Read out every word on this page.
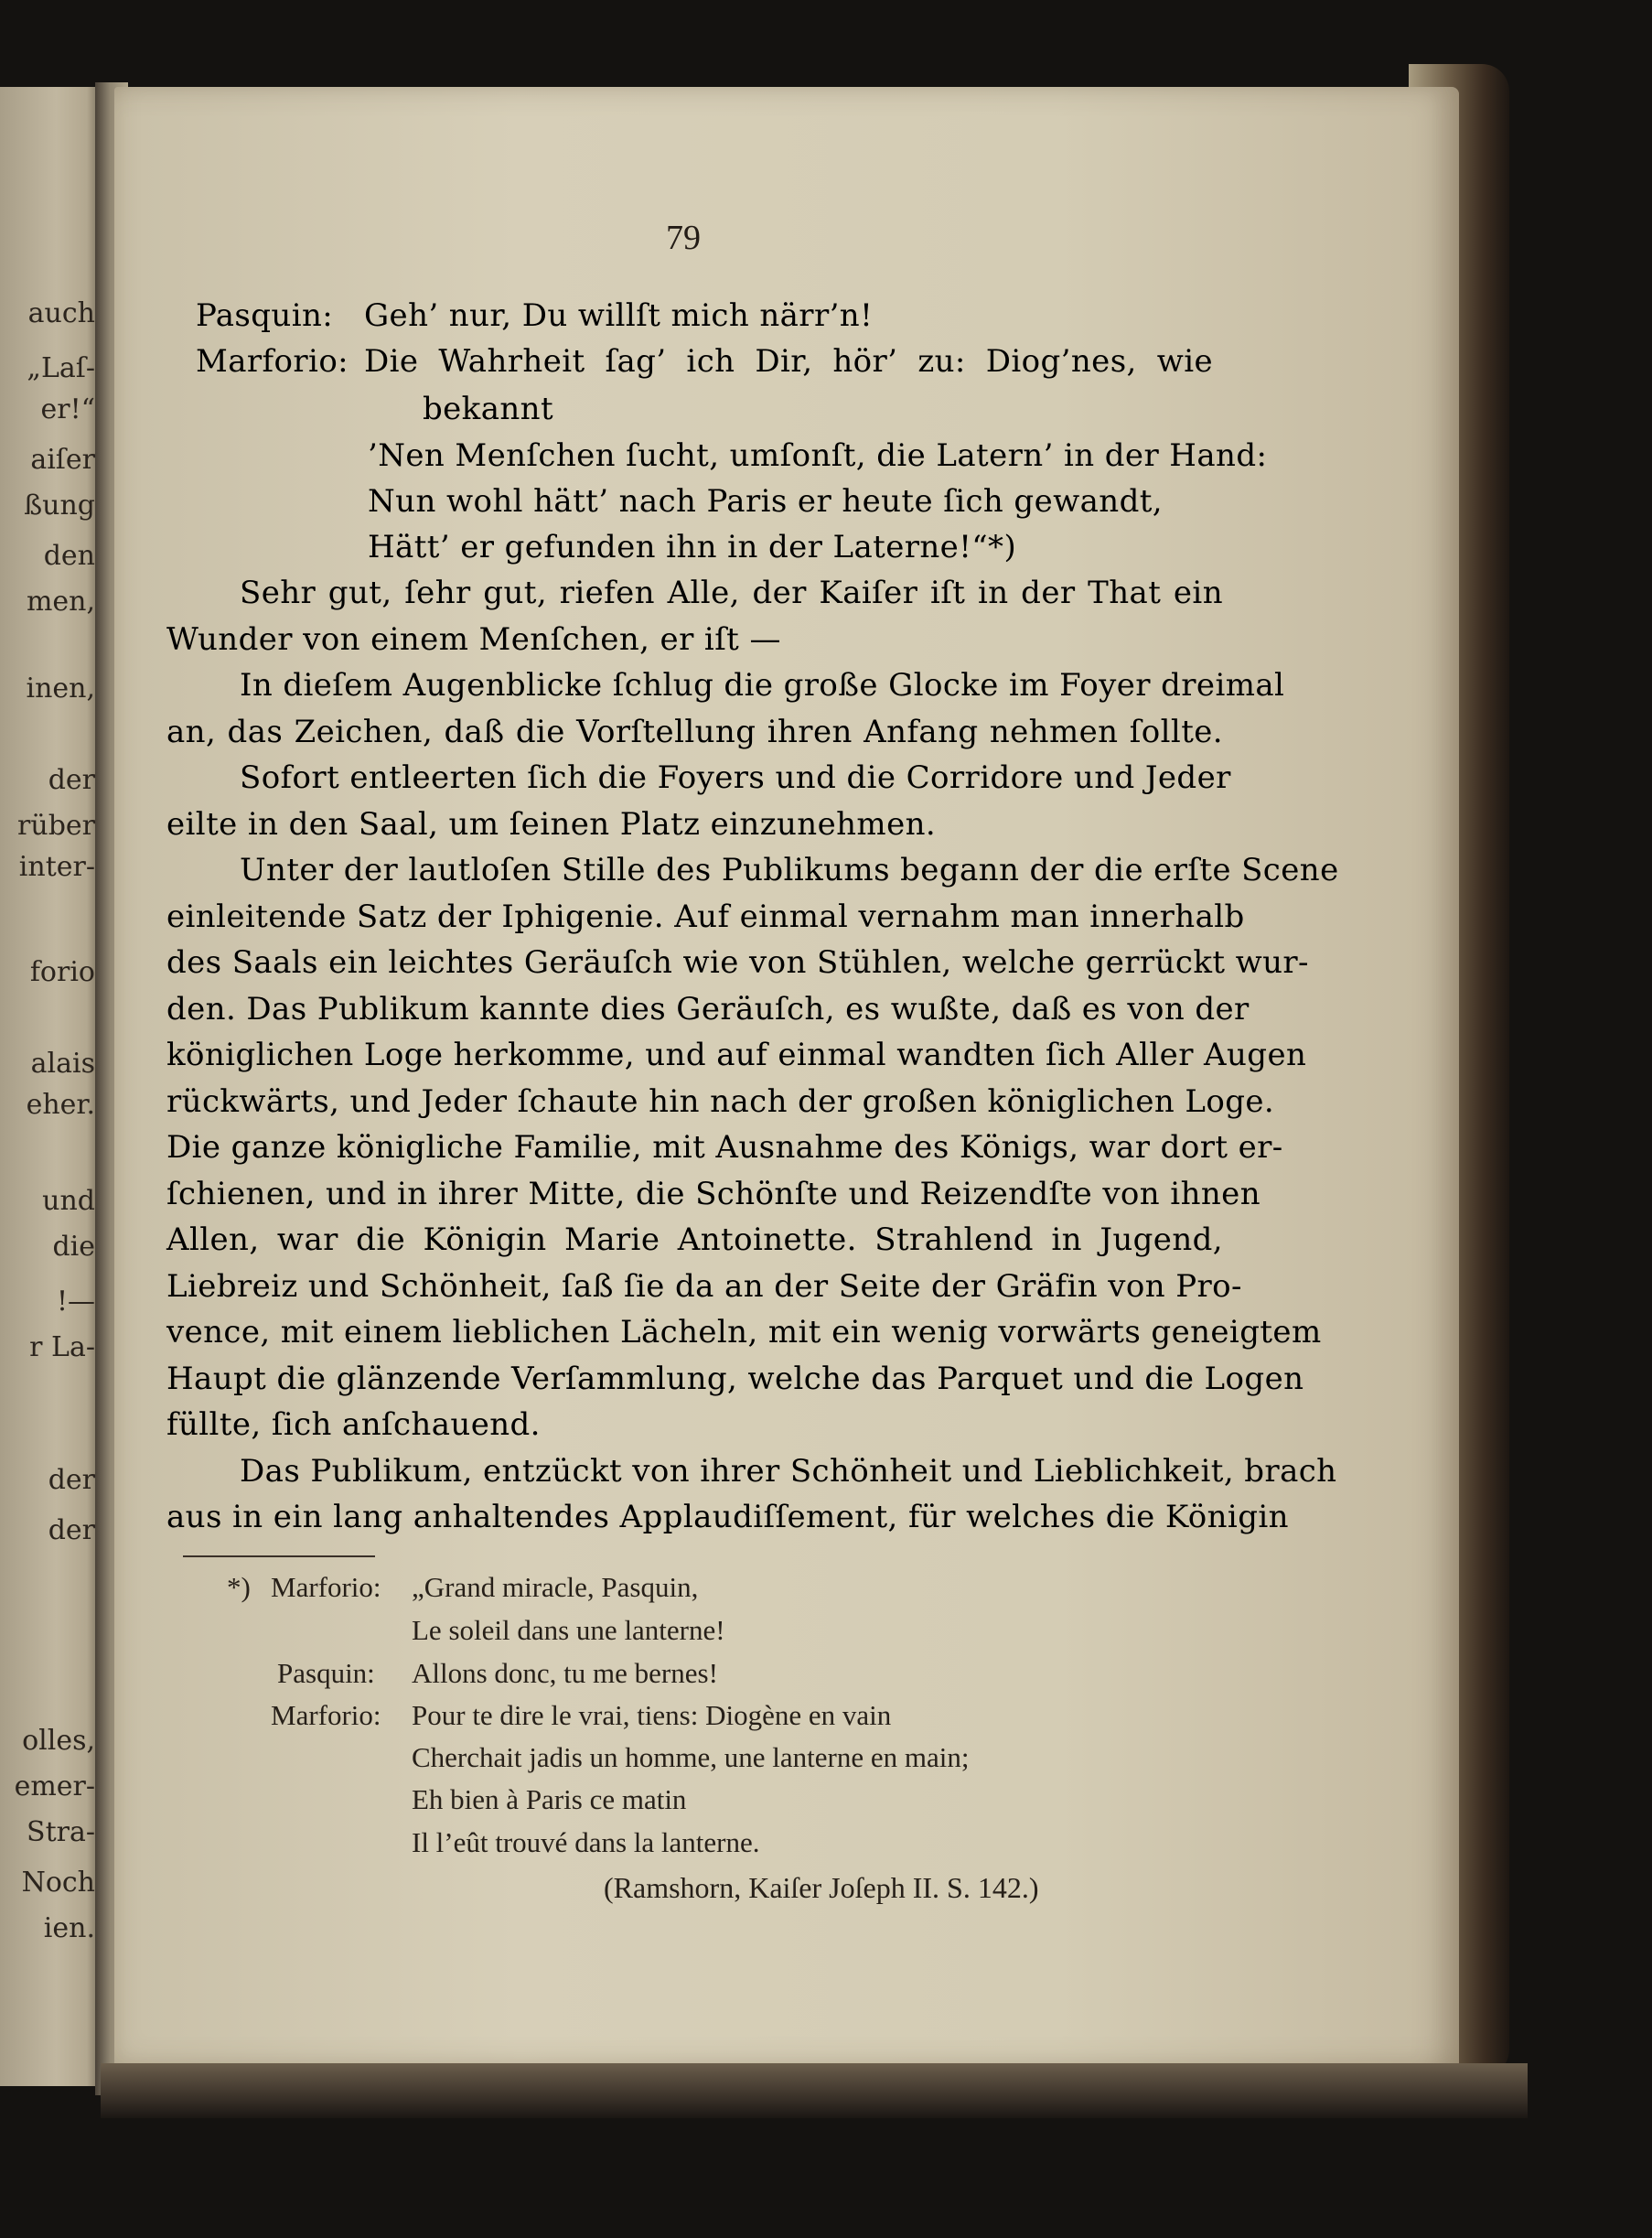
auch
„Laſ-
er!“
aiſer
ßung
den
men,
inen,
der
rüber
inter-
forio
alais
eher.
und
die
!—
r La-
der
der
olles,
emer-
Stra-
Noch
ien.
79
Pasquin: Geh’ nur, Du willſt mich närr’n!
Marforio: Die Wahrheit ſag’ ich Dir, hör’ zu: Diog’nes, wie
bekannt
’Nen Menſchen ſucht, umſonſt, die Latern’ in der Hand:
Nun wohl hätt’ nach Paris er heute ſich gewandt,
Hätt’ er gefunden ihn in der Laterne!“*)
Sehr gut, ſehr gut, riefen Alle, der Kaiſer iſt in der That ein
Wunder von einem Menſchen, er iſt —
In dieſem Augenblicke ſchlug die große Glocke im Foyer dreimal
an, das Zeichen, daß die Vorſtellung ihren Anfang nehmen ſollte.
Sofort entleerten ſich die Foyers und die Corridore und Jeder
eilte in den Saal, um ſeinen Platz einzunehmen.
Unter der lautloſen Stille des Publikums begann der die erſte Scene
einleitende Satz der Iphigenie. Auf einmal vernahm man innerhalb
des Saals ein leichtes Geräuſch wie von Stühlen, welche gerrückt wur-
den. Das Publikum kannte dies Geräuſch, es wußte, daß es von der
königlichen Loge herkomme, und auf einmal wandten ſich Aller Augen
rückwärts, und Jeder ſchaute hin nach der großen königlichen Loge.
Die ganze königliche Familie, mit Ausnahme des Königs, war dort er-
ſchienen, und in ihrer Mitte, die Schönſte und Reizendſte von ihnen
Allen, war die Königin Marie Antoinette. Strahlend in Jugend,
Liebreiz und Schönheit, ſaß ſie da an der Seite der Gräfin von Pro-
vence, mit einem lieblichen Lächeln, mit ein wenig vorwärts geneigtem
Haupt die glänzende Verſammlung, welche das Parquet und die Logen
füllte, ſich anſchauend.
Das Publikum, entzückt von ihrer Schönheit und Lieblichkeit, brach
aus in ein lang anhaltendes Applaudiſſement, für welches die Königin
*) Marforio: „Grand miracle, Pasquin,
Le soleil dans une lanterne!
Pasquin: Allons donc, tu me bernes!
Marforio: Pour te dire le vrai, tiens: Diogène en vain
Cherchait jadis un homme, une lanterne en main;
Eh bien à Paris ce matin
Il l’eût trouvé dans la lanterne.
(Ramshorn, Kaiſer Joſeph II. S. 142.)
